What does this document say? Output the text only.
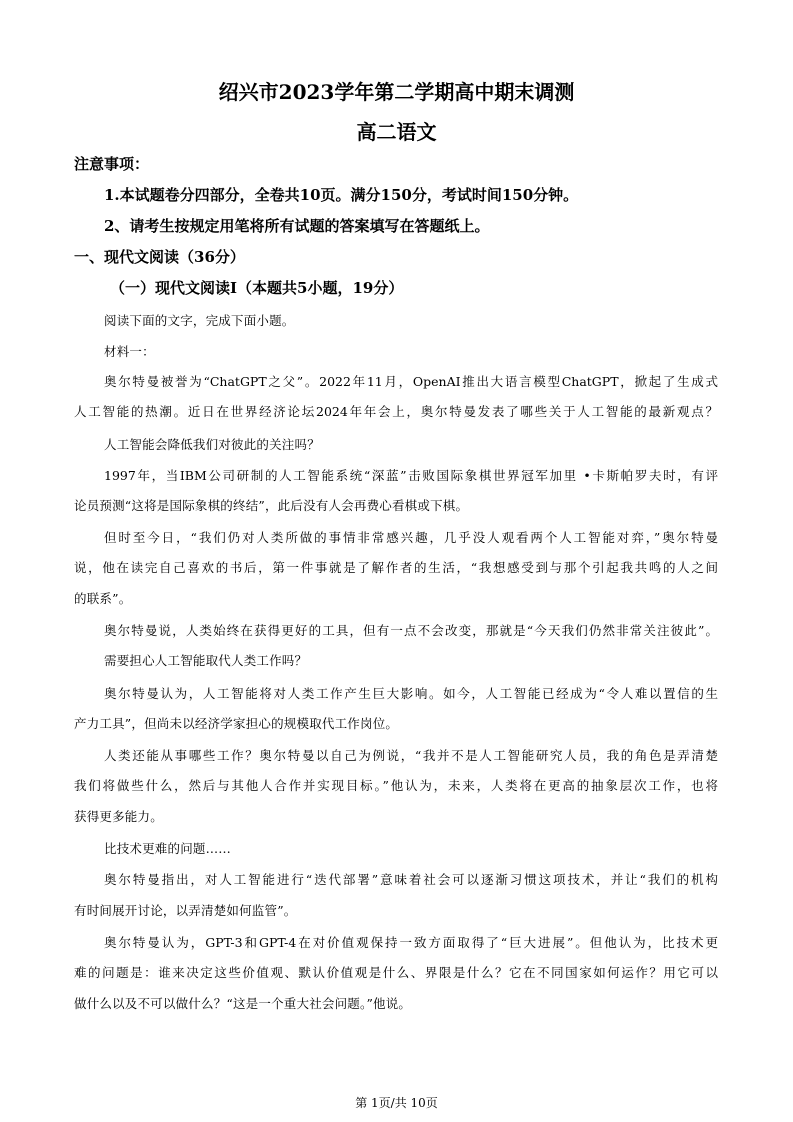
绍兴市2023学年第二学期高中期末调测
高二语文
注意事项：
1.本试题卷分四部分，全卷共10页。满分150分，考试时间150分钟。
2、请考生按规定用笔将所有试题的答案填写在答题纸上。
一、现代文阅读（36分）
（一）现代文阅读Ⅰ（本题共5小题，19分）
阅读下面的文字，完成下面小题。
材料一：
奥尔特曼被誉为“ChatGPT之父”。2022年11月，OpenAI推出大语言模型ChatGPT，掀起了生成式
人工智能的热潮。近日在世界经济论坛2024年年会上，奥尔特曼发表了哪些关于人工智能的最新观点？
人工智能会降低我们对彼此的关注吗？
1997年，当IBM公司研制的人工智能系统“深蓝”击败国际象棋世界冠军加里 •卡斯帕罗夫时，有评
论员预测“这将是国际象棋的终结”，此后没有人会再费心看棋或下棋。
但时至今日，“我们仍对人类所做的事情非常感兴趣，几乎没人观看两个人工智能对弈，”奥尔特曼
说，他在读完自己喜欢的书后，第一件事就是了解作者的生活，“我想感受到与那个引起我共鸣的人之间
的联系”。
奥尔特曼说，人类始终在获得更好的工具，但有一点不会改变，那就是“今天我们仍然非常关注彼此”。
需要担心人工智能取代人类工作吗？
奥尔特曼认为，人工智能将对人类工作产生巨大影响。如今，人工智能已经成为“令人难以置信的生
产力工具”，但尚未以经济学家担心的规模取代工作岗位。
人类还能从事哪些工作？奥尔特曼以自己为例说，“我并不是人工智能研究人员，我的角色是弄清楚
我们将做些什么，然后与其他人合作并实现目标。”他认为，未来，人类将在更高的抽象层次工作，也将
获得更多能力。
比技术更难的问题……
奥尔特曼指出，对人工智能进行“迭代部署”意味着社会可以逐渐习惯这项技术，并让“我们的机构
有时间展开讨论，以弄清楚如何监管”。
奥尔特曼认为，GPT-3和GPT-4在对价值观保持一致方面取得了“巨大进展”。但他认为，比技术更
难的问题是：谁来决定这些价值观、默认价值观是什么、界限是什么？它在不同国家如何运作？用它可以
做什么以及不可以做什么？“这是一个重大社会问题。”他说。
第 1页/共 10页
